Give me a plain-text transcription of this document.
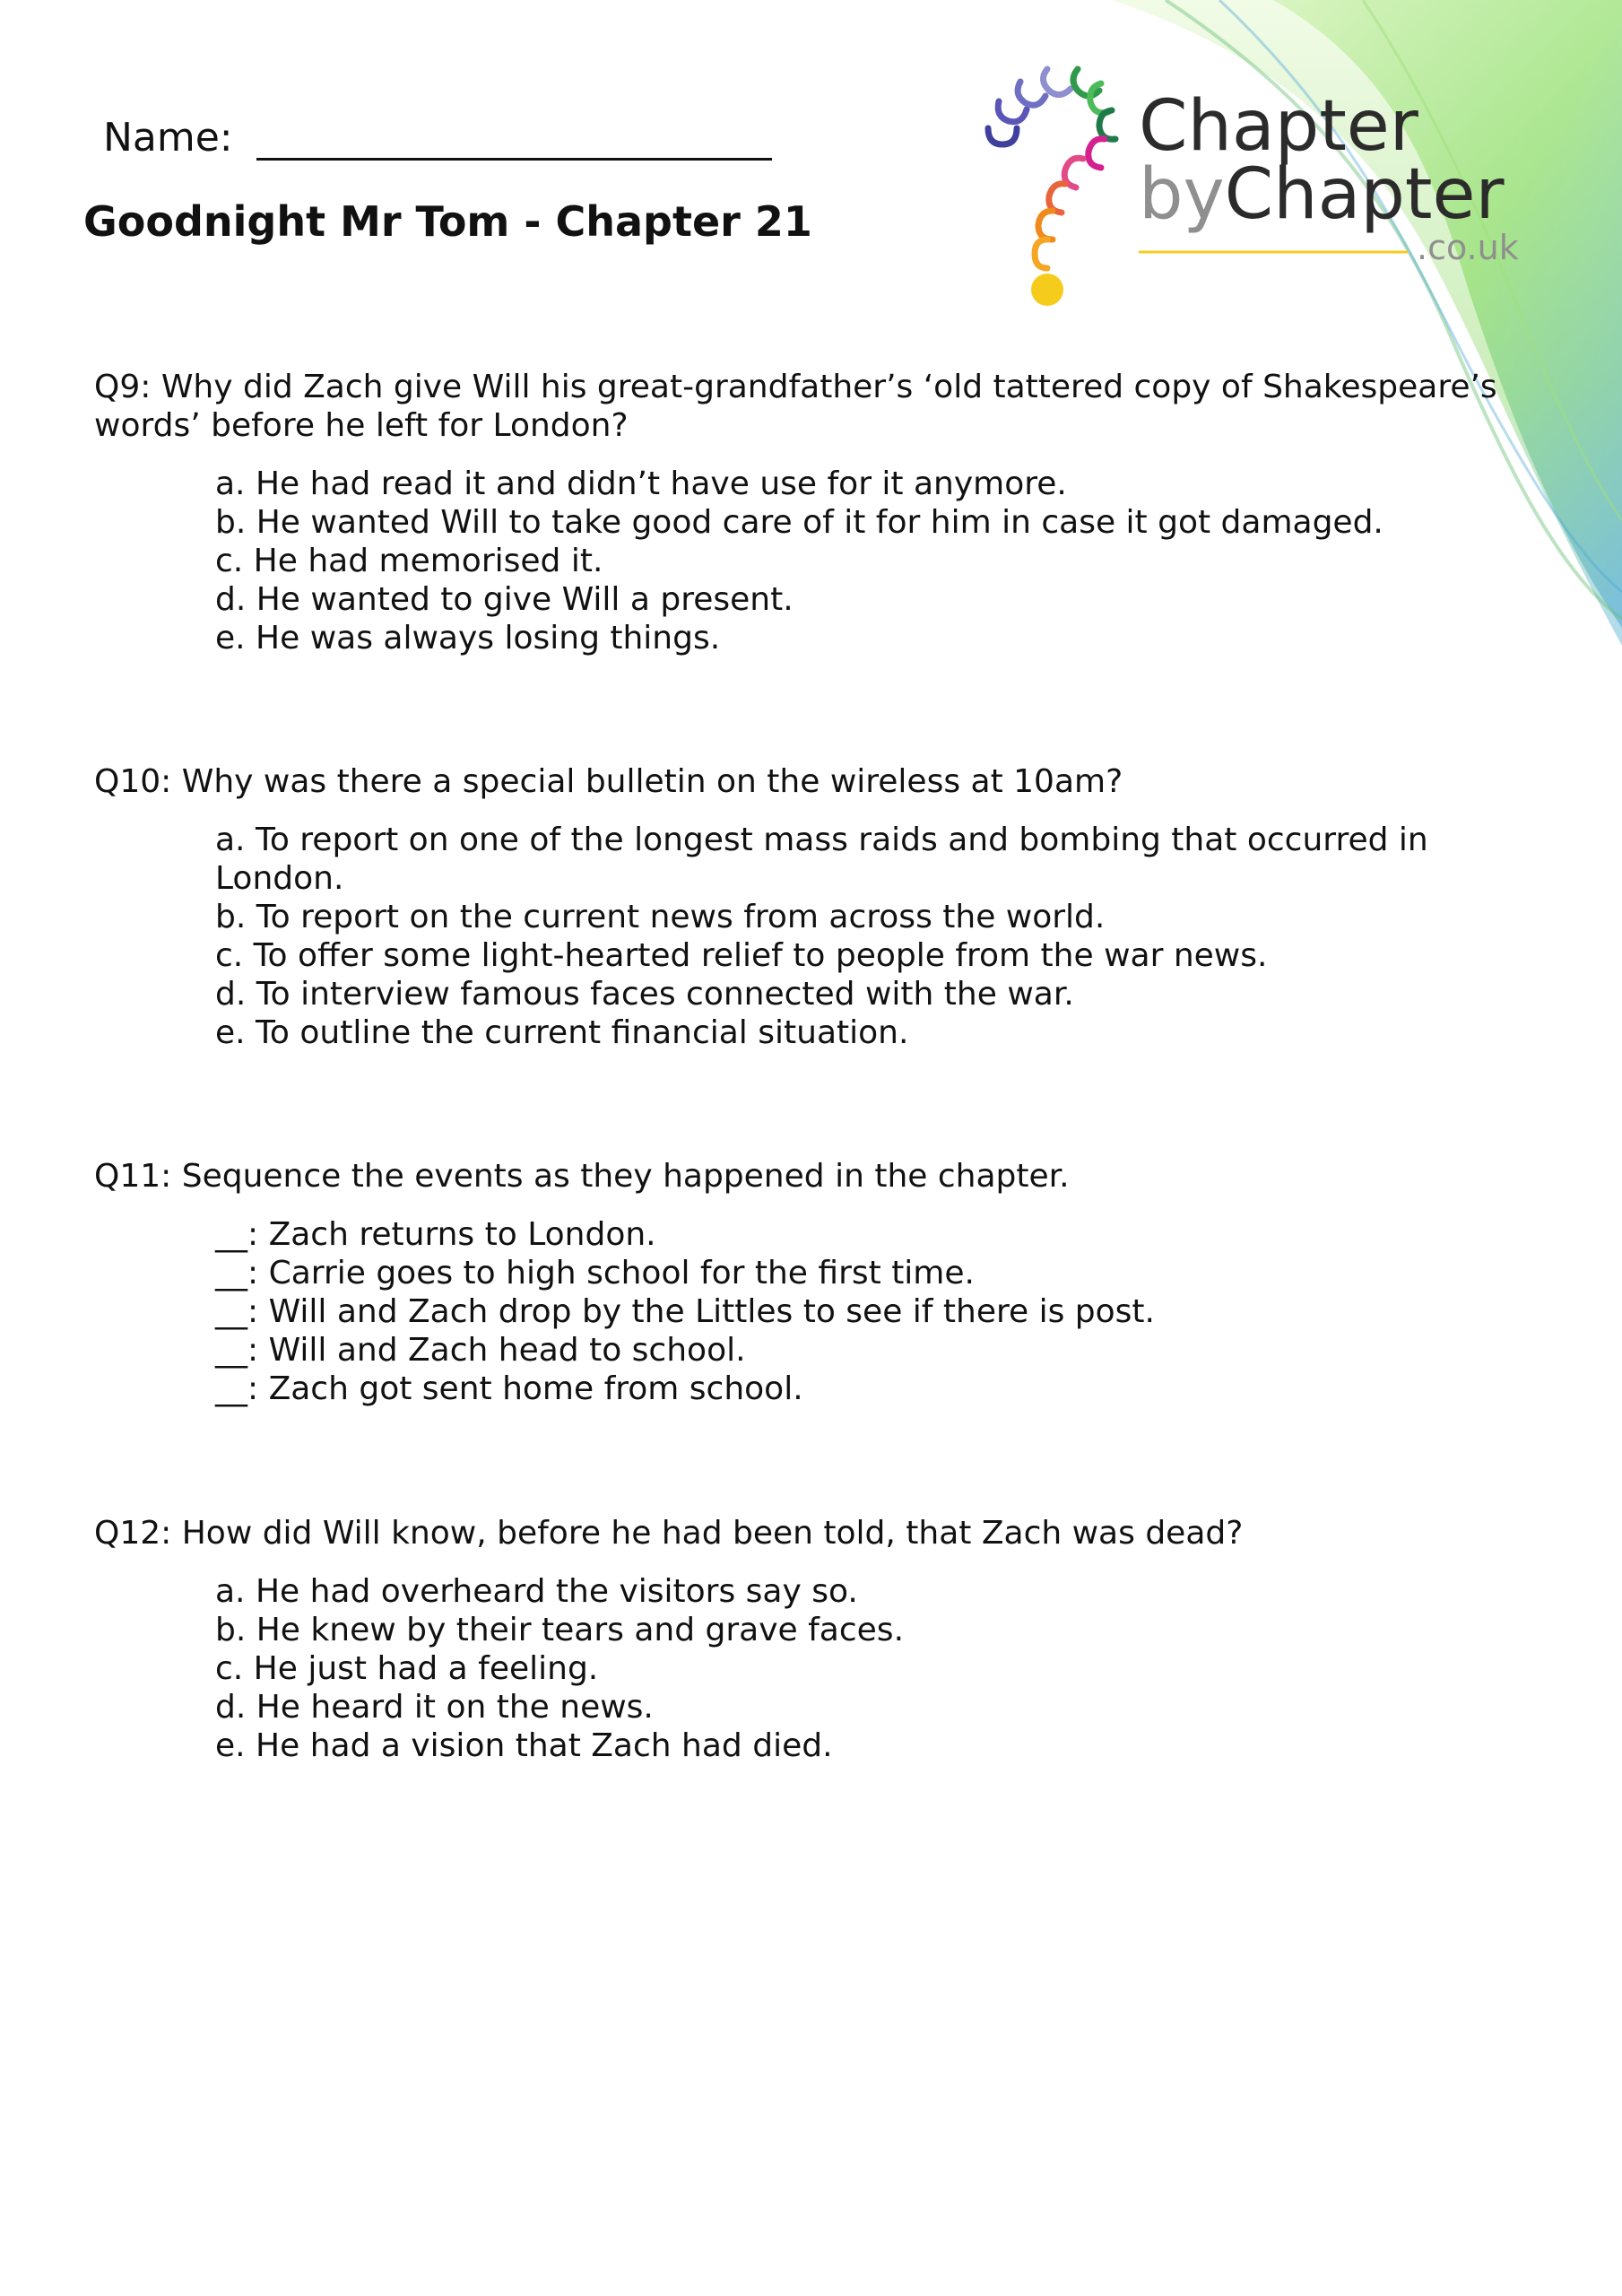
Chapter
byChapter
.co.uk
Name:
Goodnight Mr Tom - Chapter 21

Q9: Why did Zach give Will his great-grandfather’s ‘old tattered copy of Shakespeare’s words’ before he left for London?

a. He had read it and didn’t have use for it anymore.
b. He wanted Will to take good care of it for him in case it got damaged.
c. He had memorised it.
d. He wanted to give Will a present.
e. He was always losing things.

Q10: Why was there a special bulletin on the wireless at 10am?

a. To report on one of the longest mass raids and bombing that occurred in London.
b. To report on the current news from across the world.
c. To offer some light-hearted relief to people from the war news.
d. To interview famous faces connected with the war.
e. To outline the current financial situation.

Q11: Sequence the events as they happened in the chapter.

__: Zach returns to London.
__: Carrie goes to high school for the first time.
__: Will and Zach drop by the Littles to see if there is post.
__: Will and Zach head to school.
__: Zach got sent home from school.

Q12: How did Will know, before he had been told, that Zach was dead?

a. He had overheard the visitors say so.
b. He knew by their tears and grave faces.
c. He just had a feeling.
d. He heard it on the news.
e. He had a vision that Zach had died.
